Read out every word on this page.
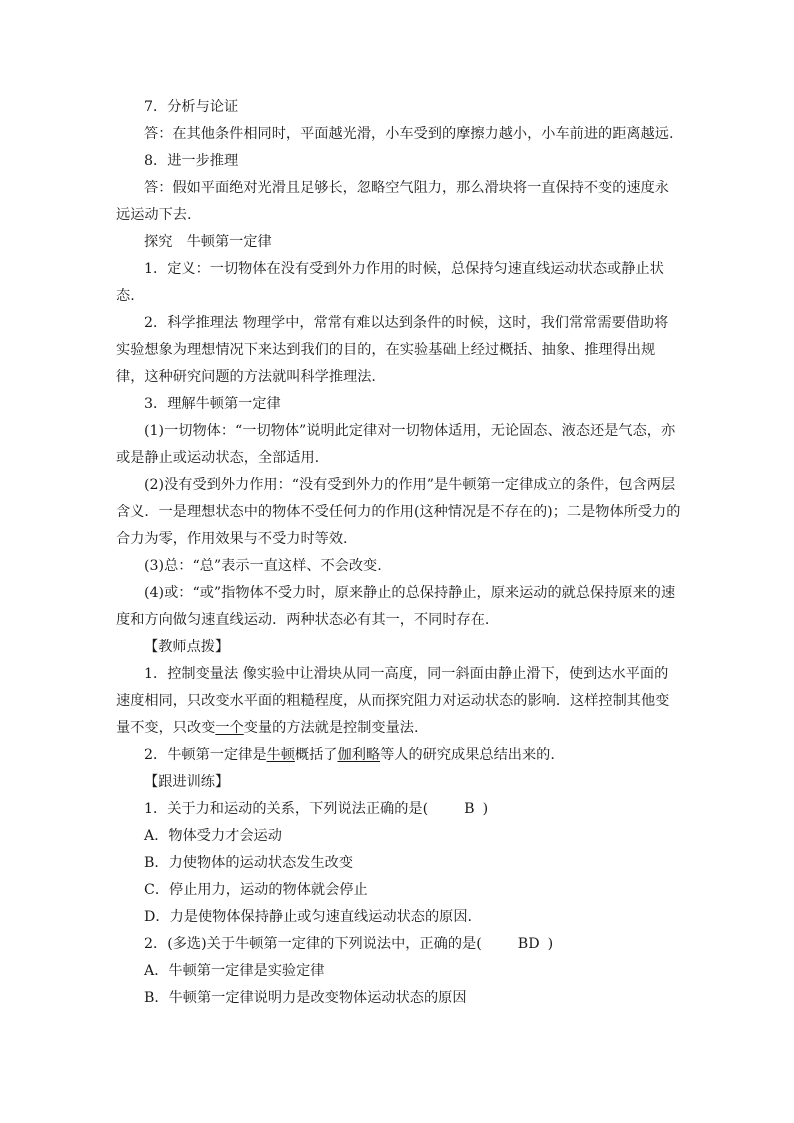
7．分析与论证

答：在其他条件相同时，平面越光滑，小车受到的摩擦力越小，小车前进的距离越远.

8．进一步推理

答：假如平面绝对光滑且足够长，忽略空气阻力，那么滑块将一直保持不变的速度永远运动下去.

探究　牛顿第一定律

1．定义：一切物体在没有受到外力作用的时候，总保持匀速直线运动状态或静止状态.

2．科学推理法 物理学中，常常有难以达到条件的时候，这时，我们常常需要借助将实验想象为理想情况下来达到我们的目的，在实验基础上经过概括、抽象、推理得出规律，这种研究问题的方法就叫科学推理法.

3．理解牛顿第一定律

(1)一切物体：“一切物体”说明此定律对一切物体适用，无论固态、液态还是气态，亦或是静止或运动状态，全部适用.

(2)没有受到外力作用：“没有受到外力的作用”是牛顿第一定律成立的条件，包含两层含义．一是理想状态中的物体不受任何力的作用(这种情况是不存在的)；二是物体所受力的合力为零，作用效果与不受力时等效.

(3)总：“总”表示一直这样、不会改变.

(4)或：“或”指物体不受力时，原来静止的总保持静止，原来运动的就总保持原来的速度和方向做匀速直线运动．两种状态必有其一，不同时存在.

【教师点拨】

1．控制变量法 像实验中让滑块从同一高度，同一斜面由静止滑下，使到达水平面的速度相同，只改变水平面的粗糙程度，从而探究阻力对运动状态的影响．这样控制其他变量不变，只改变一个变量的方法就是控制变量法.

2．牛顿第一定律是牛顿概括了伽利略等人的研究成果总结出来的.

【跟进训练】

1．关于力和运动的关系，下列说法正确的是(	B )

A．物体受力才会运动

B．力使物体的运动状态发生改变

C．停止用力，运动的物体就会停止

D．力是使物体保持静止或匀速直线运动状态的原因.

2．(多选)关于牛顿第一定律的下列说法中，正确的是(	BD )

A．牛顿第一定律是实验定律

B．牛顿第一定律说明力是改变物体运动状态的原因
